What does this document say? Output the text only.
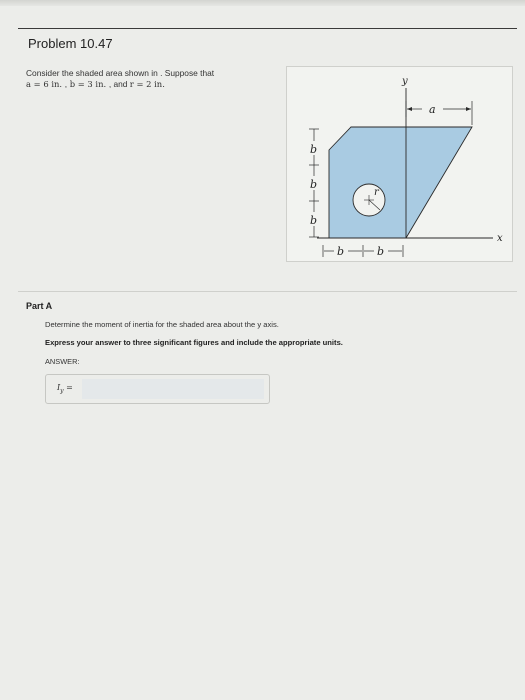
Problem 10.47
Consider the shaded area shown in . Suppose that
a = 6 in. , b = 3 in. , and r = 2 in.	y
x
a
b
b
b
b	b
r
Part A
Determine the moment of inertia for the shaded area about the y axis.
Express your answer to three significant figures and include the appropriate units.
ANSWER:
$I_y$ =
